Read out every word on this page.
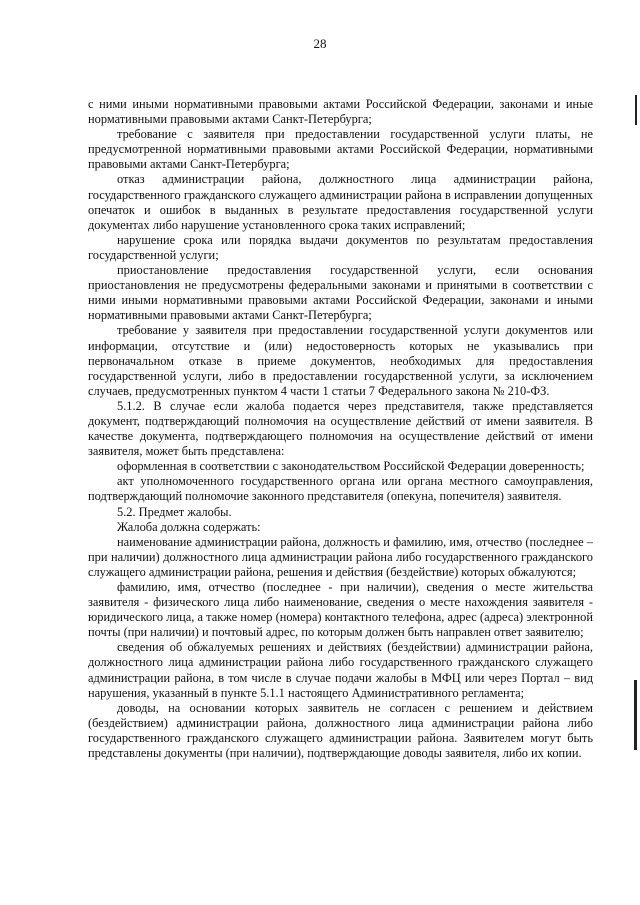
28

с ними иными нормативными правовыми актами Российской Федерации, законами и иные нормативными правовыми актами Санкт-Петербурга;

требование с заявителя при предоставлении государственной услуги платы, не предусмотренной нормативными правовыми актами Российской Федерации, нормативными правовыми актами Санкт-Петербурга;

отказ администрации района, должностного лица администрации района, государственного гражданского служащего администрации района в исправлении допущенных опечаток и ошибок в выданных в результате предоставления государственной услуги документах либо нарушение установленного срока таких исправлений;

нарушение срока или порядка выдачи документов по результатам предоставления государственной услуги;

приостановление предоставления государственной услуги, если основания приостановления не предусмотрены федеральными законами и принятыми в соответствии с ними иными нормативными правовыми актами Российской Федерации, законами и иными нормативными правовыми актами Санкт-Петербурга;

требование у заявителя при предоставлении государственной услуги документов или информации, отсутствие и (или) недостоверность которых не указывались при первоначальном отказе в приеме документов, необходимых для предоставления государственной услуги, либо в предоставлении государственной услуги, за исключением случаев, предусмотренных пунктом 4 части 1 статьи 7 Федерального закона № 210-ФЗ.

5.1.2. В случае если жалоба подается через представителя, также представляется документ, подтверждающий полномочия на осуществление действий от имени заявителя. В качестве документа, подтверждающего полномочия на осуществление действий от имени заявителя, может быть представлена:

оформленная в соответствии с законодательством Российской Федерации доверенность;

акт уполномоченного государственного органа или органа местного самоуправления, подтверждающий полномочие законного представителя (опекуна, попечителя) заявителя.

5.2. Предмет жалобы.

Жалоба должна содержать:

наименование администрации района, должность и фамилию, имя, отчество (последнее – при наличии) должностного лица администрации района либо государственного гражданского служащего администрации района, решения и действия (бездействие) которых обжалуются;

фамилию, имя, отчество (последнее - при наличии), сведения о месте жительства заявителя - физического лица либо наименование, сведения о месте нахождения заявителя - юридического лица, а также номер (номера) контактного телефона, адрес (адреса) электронной почты (при наличии) и почтовый адрес, по которым должен быть направлен ответ заявителю;

сведения об обжалуемых решениях и действиях (бездействии) администрации района, должностного лица администрации района либо государственного гражданского служащего администрации района, в том числе в случае подачи жалобы в МФЦ или через Портал – вид нарушения, указанный в пункте 5.1.1 настоящего Административного регламента;

доводы, на основании которых заявитель не согласен с решением и действием (бездействием) администрации района, должностного лица администрации района либо государственного гражданского служащего администрации района. Заявителем могут быть представлены документы (при наличии), подтверждающие доводы заявителя, либо их копии.
